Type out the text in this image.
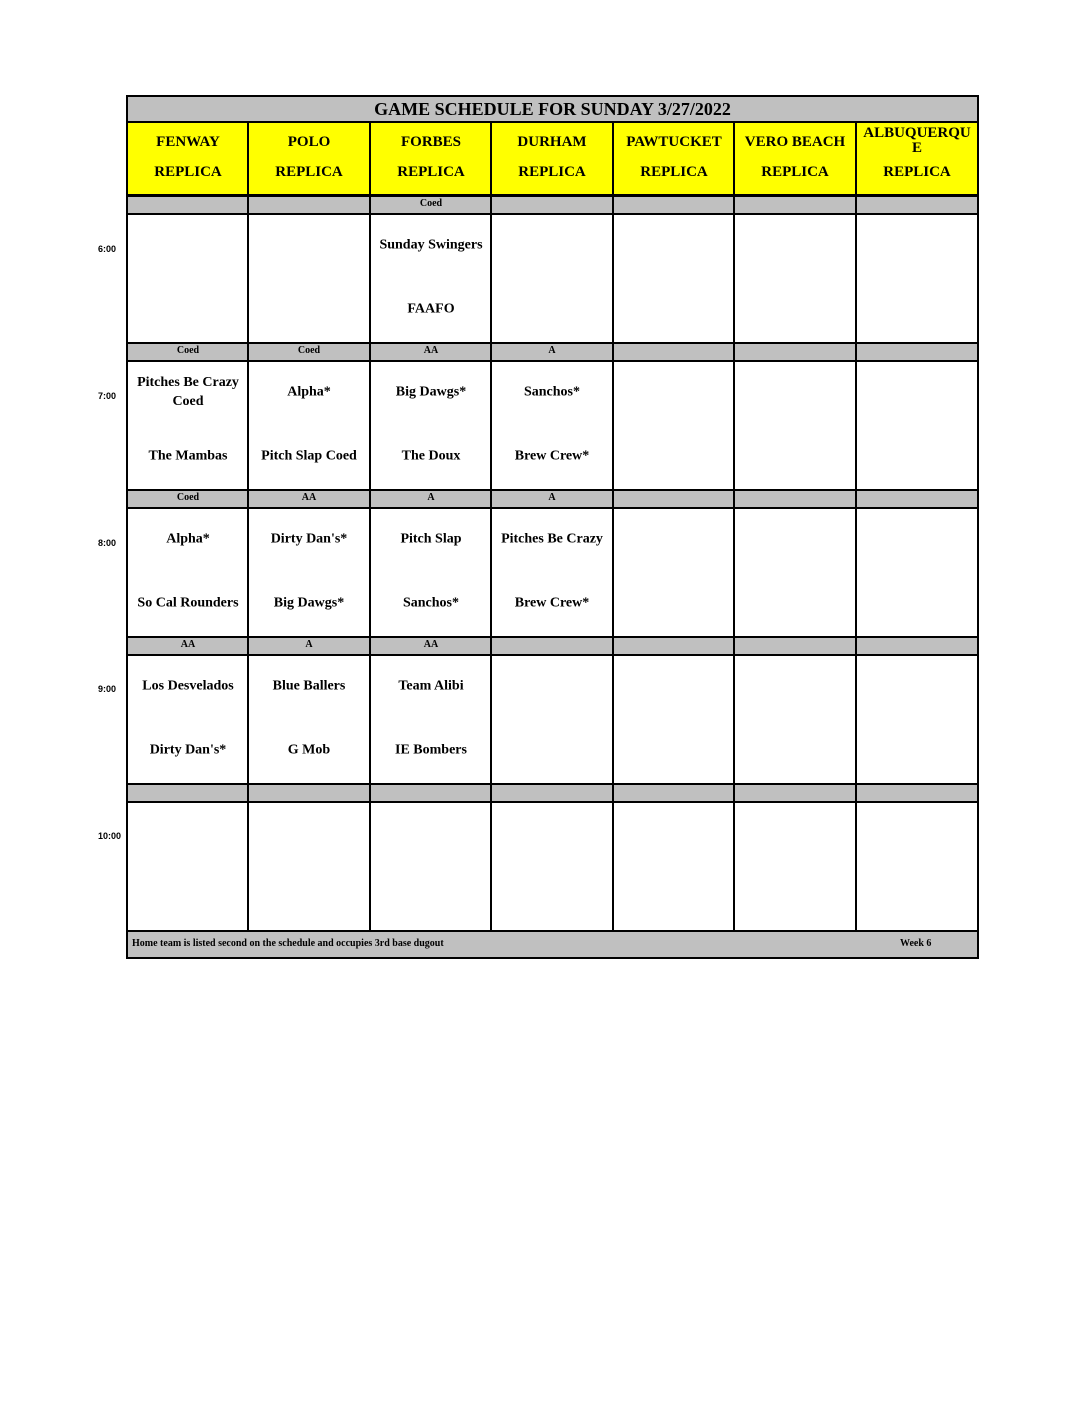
GAME SCHEDULE FOR SUNDAY 3/27/2022
Home team is listed second on the schedule and occupies 3rd base dugout	Week 6
FENWAY
REPLICA
POLO
REPLICA
FORBES
REPLICA
DURHAM
REPLICA
PAWTUCKET
REPLICA
VERO BEACH
REPLICA
ALBUQUERQU
E
REPLICA
Coed
Sunday Swingers
FAAFO
Coed
Pitches Be Crazy Coed
The Mambas
Coed
Alpha*
Pitch Slap Coed
AA
Big Dawgs*
The Doux
A
Sanchos*
Brew Crew*
Coed
Alpha*
So Cal Rounders
AA
Dirty Dan's*
Big Dawgs*
A
Pitch Slap
Sanchos*
A
Pitches Be Crazy
Brew Crew*
AA
Los Desvelados
Dirty Dan's*
A
Blue Ballers
G Mob
AA
Team Alibi
IE Bombers
6:00
7:00
8:00
9:00
10:00
